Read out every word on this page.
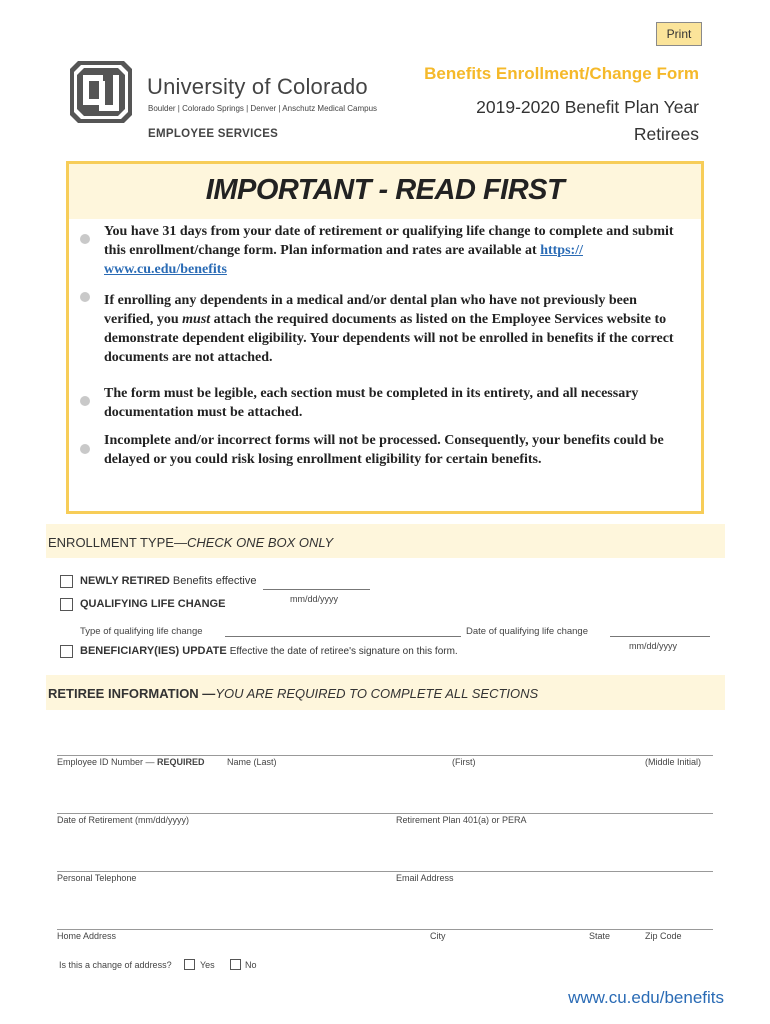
Print
University of Colorado
Boulder | Colorado Springs | Denver | Anschutz Medical Campus
EMPLOYEE SERVICES
Benefits Enrollment/Change Form
2019-2020 Benefit Plan Year
Retirees
IMPORTANT - READ FIRST
You have 31 days from your date of retirement or qualifying life change to complete and submit this enrollment/change form. Plan information and rates are available at https:// www.cu.edu/benefits
If enrolling any dependents in a medical and/or dental plan who have not previously been verified, you must attach the required documents as listed on the Employee Services website to demonstrate dependent eligibility. Your dependents will not be enrolled in benefits if the correct documents are not attached.
The form must be legible, each section must be completed in its entirety, and all necessary documentation must be attached.
Incomplete and/or incorrect forms will not be processed. Consequently, your benefits could be delayed or you could risk losing enrollment eligibility for certain benefits.
ENROLLMENT TYPE—CHECK ONE BOX ONLY
NEWLY RETIRED Benefits effective
mm/dd/yyyy
QUALIFYING LIFE CHANGE
Type of qualifying life change	Date of qualifying life change
mm/dd/yyyy
BENEFICIARY(IES) UPDATE Effective the date of retiree's signature on this form.
RETIREE INFORMATION —YOU ARE REQUIRED TO COMPLETE ALL SECTIONS
Employee ID Number — REQUIRED Name (Last)	(First)	(Middle Initial)
Date of Retirement (mm/dd/yyyy)	Retirement Plan 401(a) or PERA
Personal Telephone	Email Address
Home Address	City	State	Zip Code
Is this a change of address?	Yes	No
www.cu.edu/benefits
